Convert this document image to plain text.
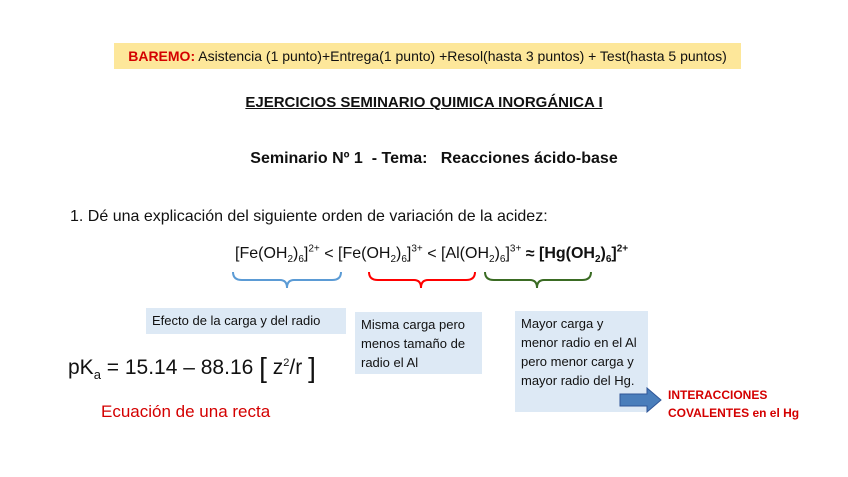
BAREMO: Asistencia (1 punto)+Entrega(1 punto) +Resol(hasta 3 puntos) + Test(hasta 5 puntos)
EJERCICIOS SEMINARIO QUIMICA INORGÁNICA I
Seminario Nº 1  - Tema:   Reacciones ácido-base
1. Dé una explicación del siguiente orden de variación de la acidez:
$[Fe(OH_2)_6]^{2+} < [Fe(OH_2)_6]^{3+} < [Al(OH_2)_6]^{3+} \approx [Hg(OH_2)_6]^{2+}$
Efecto de la carga y del radio	Misma carga pero menos tamaño de radio el Al
Mayor carga y menor radio en el Al pero menor carga y mayor radio del Hg.
$pK_a = 15.14 - 88.16$ [ $z^2/r$ ]
Ecuación de una recta
INTERACCIONES
COVALENTES en el Hg
